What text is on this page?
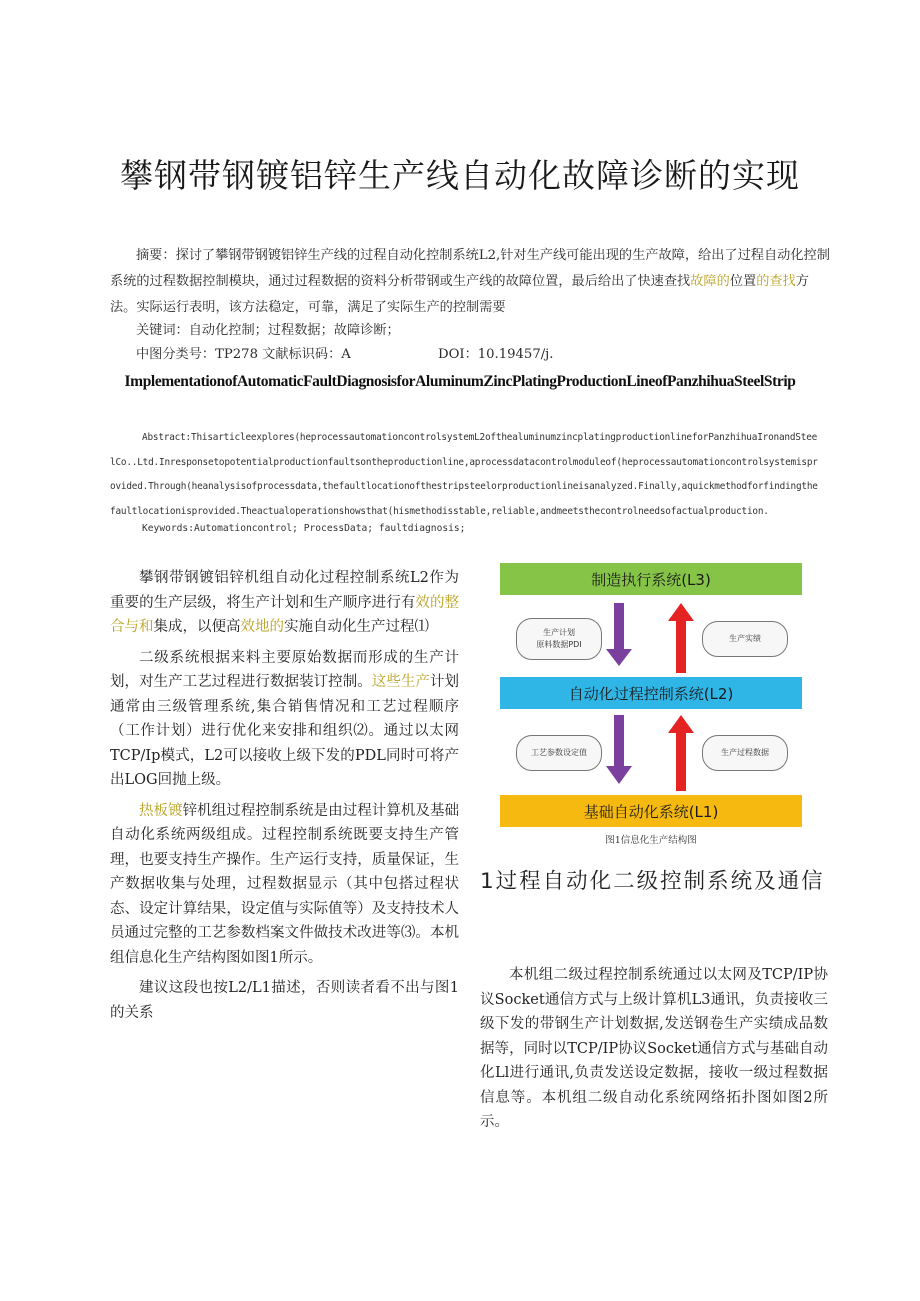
攀钢带钢镀铝锌生产线自动化故障诊断的实现
摘要：探讨了攀钢带钢镀铝锌生产线的过程自动化控制系统L2,针对生产线可能出现的生产故障，给出了过程自动化控制系统的过程数据控制模块，通过过程数据的资料分析带钢或生产线的故障位置，最后给出了快速查找故障的位置的查找方法。实际运行表明，该方法稳定，可靠，满足了实际生产的控制需要
关键词：自动化控制；过程数据；故障诊断；
中图分类号：TP278 文献标识码：A	DOI：10.19457/j.
ImplementationofAutomaticFaultDiagnosisforAluminumZincPlatingProductionLineofPanzhihuaSteelStrip
Abstract:Thisarticleexplores(heprocessautomationcontrolsystemL2ofthealuminumzincplatingproductionlineforPanzhihuaIronandSteelCo..Ltd.Inresponsetopotentialproductionfaultsontheproductionline,aprocessdatacontrolmoduleof(heprocessautomationcontrolsystemisprovided.Through(heanalysisofprocessdata,thefaultlocationofthestripsteelorproductionlineisanalyzed.Finally,aquickmethodforfindingthefaultlocationisprovided.Theactualoperationshowsthat(hismethodisstable,reliable,andmeetsthecontrolneedsofactualproduction.
Keywords:Automationcontrol; ProcessData; faultdiagnosis;

攀钢带钢镀铝锌机组自动化过程控制系统L2作为重要的生产层级，将生产计划和生产顺序进行有效的整合与和集成，以便高效地的实施自动化生产过程⑴

二级系统根据来料主要原始数据而形成的生产计划，对生产工艺过程进行数据装订控制。这些生产计划通常由三级管理系统,集合销售情况和工艺过程顺序（工作计划）进行优化来安排和组织⑵。通过以太网TCP/Ip模式，L2可以接收上级下发的PDL同时可将产出LOG回抛上级。

热板镀锌机组过程控制系统是由过程计算机及基础自动化系统两级组成。过程控制系统既要支持生产管理，也要支持生产操作。生产运行支持，质量保证，生产数据收集与处理，过程数据显示（其中包搭过程状态、设定计算结果，设定值与实际值等）及支持技术人员通过完整的工艺参数档案文件做技术改进等⑶。本机组信息化生产结构图如图1所示。

建议这段也按L2/L1描述，否则读者看不出与图1的关系

制造执行系统(L3)
自动化过程控制系统(L2)
基础自动化系统(L1)
生产计划
原料数据PDI
生产实绩
工艺参数设定值	生产过程数据
图1信息化生产结构图
1过程自动化二级控制系统及通信

本机组二级过程控制系统通过以太网及TCP/IP协议Socket通信方式与上级计算机L3通讯，负责接收三级下发的带钢生产计划数据,发送钢卷生产实绩成品数据等，同时以TCP/IP协议Socket通信方式与基础自动化Ll进行通讯,负责发送设定数据，接收一级过程数据信息等。本机组二级自动化系统网络拓扑图如图2所示。
